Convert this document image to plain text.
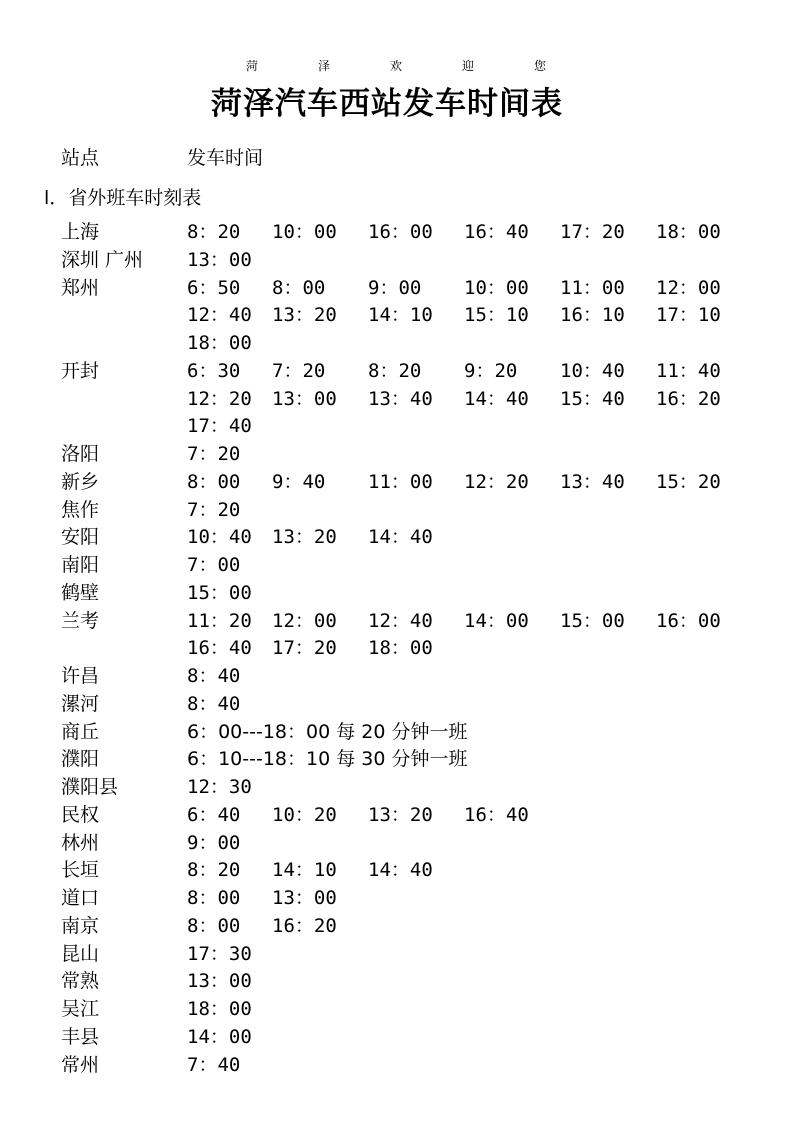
菏	泽	欢	迎	您
菏泽汽车西站发车时间表
站点	发车时间
l．省外班车时刻表
上海	8：20 10：00 16：00 16：40 17：20 18：00
深圳 广州 13：00
郑州	6：50 8：00 9：00 10：00 11：00 12：00
12：40 13：20 14：10 15：10 16：10 17：10
18：00
开封	6：30 7：20 8：20 9：20 10：40 11：40
12：20 13：00 13：40 14：40 15：40 16：20
17：40
洛阳	7：20
新乡	8：00 9：40 11：00 12：20 13：40 15：20
焦作	7：20
安阳	10：40 13：20 14：40
南阳	7：00
鹤壁	15：00
兰考	11：20 12：00 12：40 14：00 15：00 16：00
16：40 17：20 18：00
许昌	8：40
漯河	8：40
商丘	6：00---18：00 每 20 分钟一班
濮阳	6：10---18：10 每 30 分钟一班
濮阳县	12：30
民权	6：40 10：20 13：20 16：40
林州	9：00
长垣	8：20 14：10 14：40
道口	8：00 13：00
南京	8：00 16：20
昆山	17：30
常熟	13：00
吴江	18：00
丰县	14：00
常州	7：40
